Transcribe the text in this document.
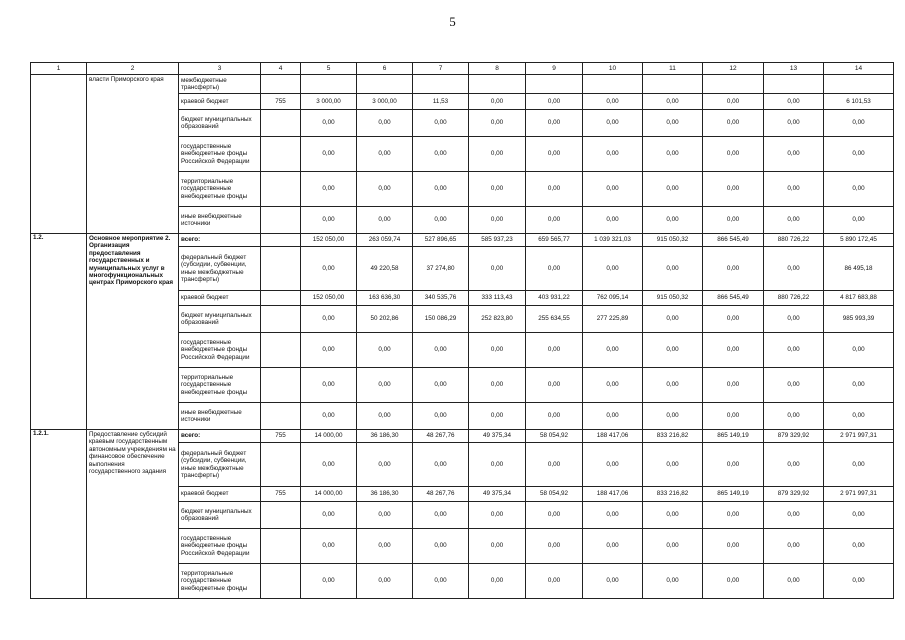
5
1	2	3	4	5	6	7	8	9	10	11	12	13	14
	власти Приморского края	межбюджетные трансферты)											
		краевой бюджет	755	3 000,00	3 000,00	11,53	0,00	0,00	0,00	0,00	0,00	0,00	6 101,53
		бюджет муниципальных образований		0,00	0,00	0,00	0,00	0,00	0,00	0,00	0,00	0,00	0,00
		государственные внебюджетные фонды Российской Федерации		0,00	0,00	0,00	0,00	0,00	0,00	0,00	0,00	0,00	0,00
		территориальные государственные внебюджетные фонды		0,00	0,00	0,00	0,00	0,00	0,00	0,00	0,00	0,00	0,00
		иные внебюджетные источники		0,00	0,00	0,00	0,00	0,00	0,00	0,00	0,00	0,00	0,00
1.2.	Основное мероприятие 2. Организация предоставления государственных и муниципальных услуг в многофункциональных центрах Приморского края	всего:		152 050,00	263 059,74	527 896,65	585 937,23	659 565,77	1 039 321,03	915 050,32	866 545,49	880 726,22	5 890 172,45
		федеральный бюджет (субсидии, субвенции, иные межбюджетные трансферты)		0,00	49 220,58	37 274,80	0,00	0,00	0,00	0,00	0,00	0,00	86 495,18
		краевой бюджет		152 050,00	163 636,30	340 535,76	333 113,43	403 931,22	762 095,14	915 050,32	866 545,49	880 726,22	4 817 683,88
		бюджет муниципальных образований		0,00	50 202,86	150 086,29	252 823,80	255 634,55	277 225,89	0,00	0,00	0,00	985 993,39
		государственные внебюджетные фонды Российской Федерации		0,00	0,00	0,00	0,00	0,00	0,00	0,00	0,00	0,00	0,00
		территориальные государственные внебюджетные фонды		0,00	0,00	0,00	0,00	0,00	0,00	0,00	0,00	0,00	0,00
		иные внебюджетные источники		0,00	0,00	0,00	0,00	0,00	0,00	0,00	0,00	0,00	0,00
1.2.1.	Предоставление субсидий краевым государственным автономным учреждениям на финансовое обеспечение выполнения государственного задания	всего:	755	14 000,00	36 186,30	48 267,76	49 375,34	58 054,92	188 417,06	833 216,82	865 149,19	879 329,92	2 971 997,31
		федеральный бюджет (субсидии, субвенции, иные межбюджетные трансферты)		0,00	0,00	0,00	0,00	0,00	0,00	0,00	0,00	0,00	0,00
		краевой бюджет	755	14 000,00	36 186,30	48 267,76	49 375,34	58 054,92	188 417,06	833 216,82	865 149,19	879 329,92	2 971 997,31
		бюджет муниципальных образований		0,00	0,00	0,00	0,00	0,00	0,00	0,00	0,00	0,00	0,00
		государственные внебюджетные фонды Российской Федерации		0,00	0,00	0,00	0,00	0,00	0,00	0,00	0,00	0,00	0,00
		территориальные государственные внебюджетные фонды		0,00	0,00	0,00	0,00	0,00	0,00	0,00	0,00	0,00	0,00
